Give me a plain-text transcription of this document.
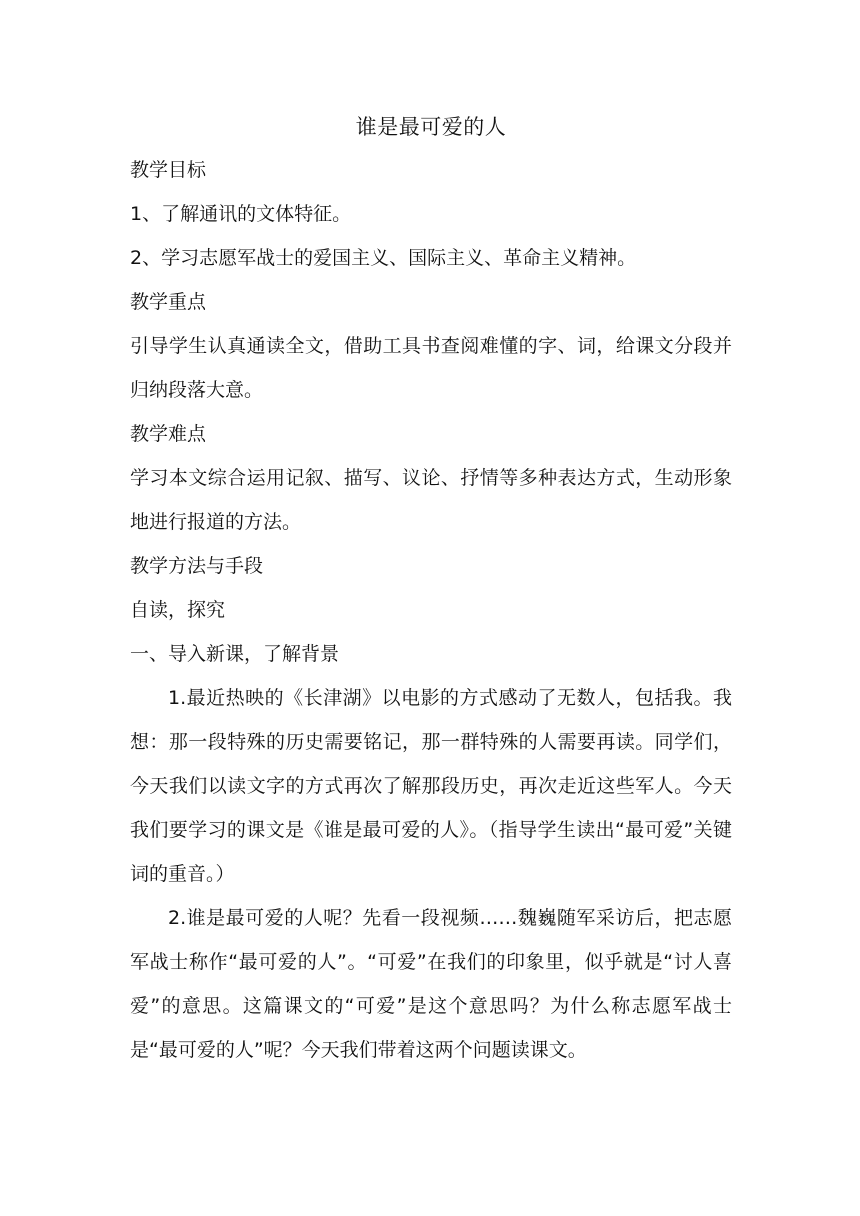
谁是最可爱的人

教学目标

1、了解通讯的文体特征。

2、学习志愿军战士的爱国主义、国际主义、革命主义精神。

教学重点

引导学生认真通读全文，借助工具书查阅难懂的字、词，给课文分段并归纳段落大意。

教学难点

学习本文综合运用记叙、描写、议论、抒情等多种表达方式，生动形象地进行报道的方法。

教学方法与手段

自读，探究

一、导入新课，了解背景

1.最近热映的《长津湖》以电影的方式感动了无数人，包括我。我想：那一段特殊的历史需要铭记，那一群特殊的人需要再读。同学们，今天我们以读文字的方式再次了解那段历史，再次走近这些军人。今天我们要学习的课文是《谁是最可爱的人》。（指导学生读出“最可爱”关键词的重音。）

2.谁是最可爱的人呢？先看一段视频……魏巍随军采访后，把志愿军战士称作“最可爱的人”。“可爱”在我们的印象里，似乎就是“讨人喜爱”的意思。这篇课文的“可爱”是这个意思吗？为什么称志愿军战士是“最可爱的人”呢？今天我们带着这两个问题读课文。
